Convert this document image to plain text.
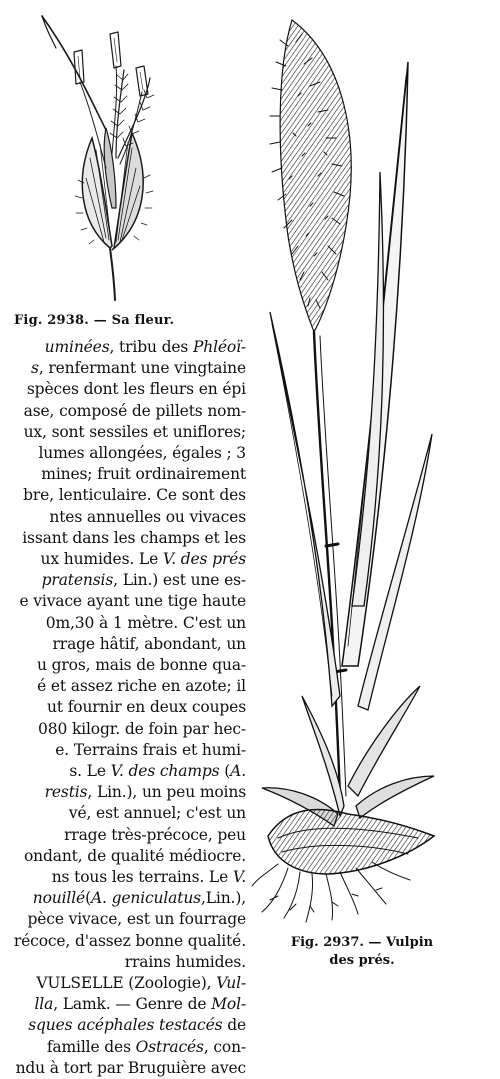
Fig. 2938. — Sa fleur.
Fig. 2937. — Vulpin
des prés.
uminées, tribu des Phléoï-
s, renfermant une vingtaine
spèces dont les fleurs en épi
ase, composé de pillets nom-
ux, sont sessiles et uniflores;
lumes allongées, égales ; 3
mines; fruit ordinairement
bre, lenticulaire. Ce sont des
ntes annuelles ou vivaces
issant dans les champs et les
ux humides. Le V. des prés
pratensis, Lin.) est une es-
e vivace ayant une tige haute
0m,30 à 1 mètre. C'est un
rrage hâtif, abondant, un
u gros, mais de bonne qua-
é et assez riche en azote; il
ut fournir en deux coupes
080 kilogr. de foin par hec-
e. Terrains frais et humi-
s. Le V. des champs (A.
restis, Lin.), un peu moins
vé, est annuel; c'est un
rrage très-précoce, peu
ondant, de qualité médiocre.
ns tous les terrains. Le V.
nouillé(A. geniculatus,Lin.),
pèce vivace, est un fourrage
récoce, d'assez bonne qualité.
rrains humides.
VULSELLE (Zoologie), Vul-
lla, Lamk. — Genre de Mol-
sques acéphales testacés de
famille des Ostracés, con-
ndu à tort par Bruguière avec
